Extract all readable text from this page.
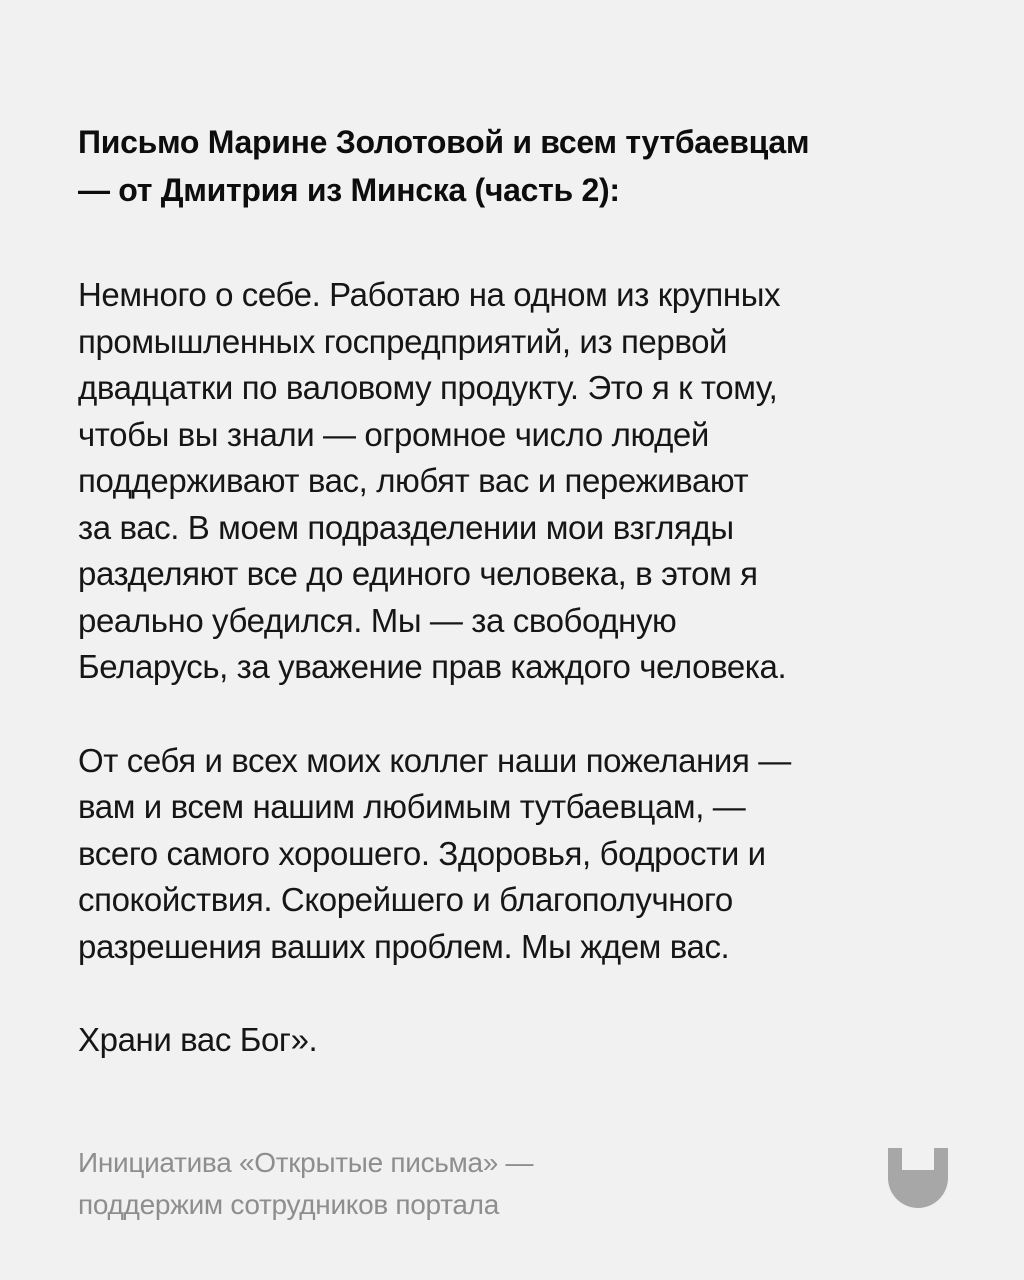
Письмо Марине Золотовой и всем тутбаевцам
— от Дмитрия из Минска (часть 2):

Немного о себе. Работаю на одном из крупных
промышленных госпредприятий, из первой
двадцатки по валовому продукту. Это я к тому,
чтобы вы знали — огромное число людей
поддерживают вас, любят вас и переживают
за вас. В моем подразделении мои взгляды
разделяют все до единого человека, в этом я
реально убедился. Мы — за свободную
Беларусь, за уважение прав каждого человека.

От себя и всех моих коллег наши пожелания —
вам и всем нашим любимым тутбаевцам, —
всего самого хорошего. Здоровья, бодрости и
спокойствия. Скорейшего и благополучного
разрешения ваших проблем. Мы ждем вас.

Храни вас Бог».

Инициатива «Открытые письма» —
поддержим сотрудников портала
